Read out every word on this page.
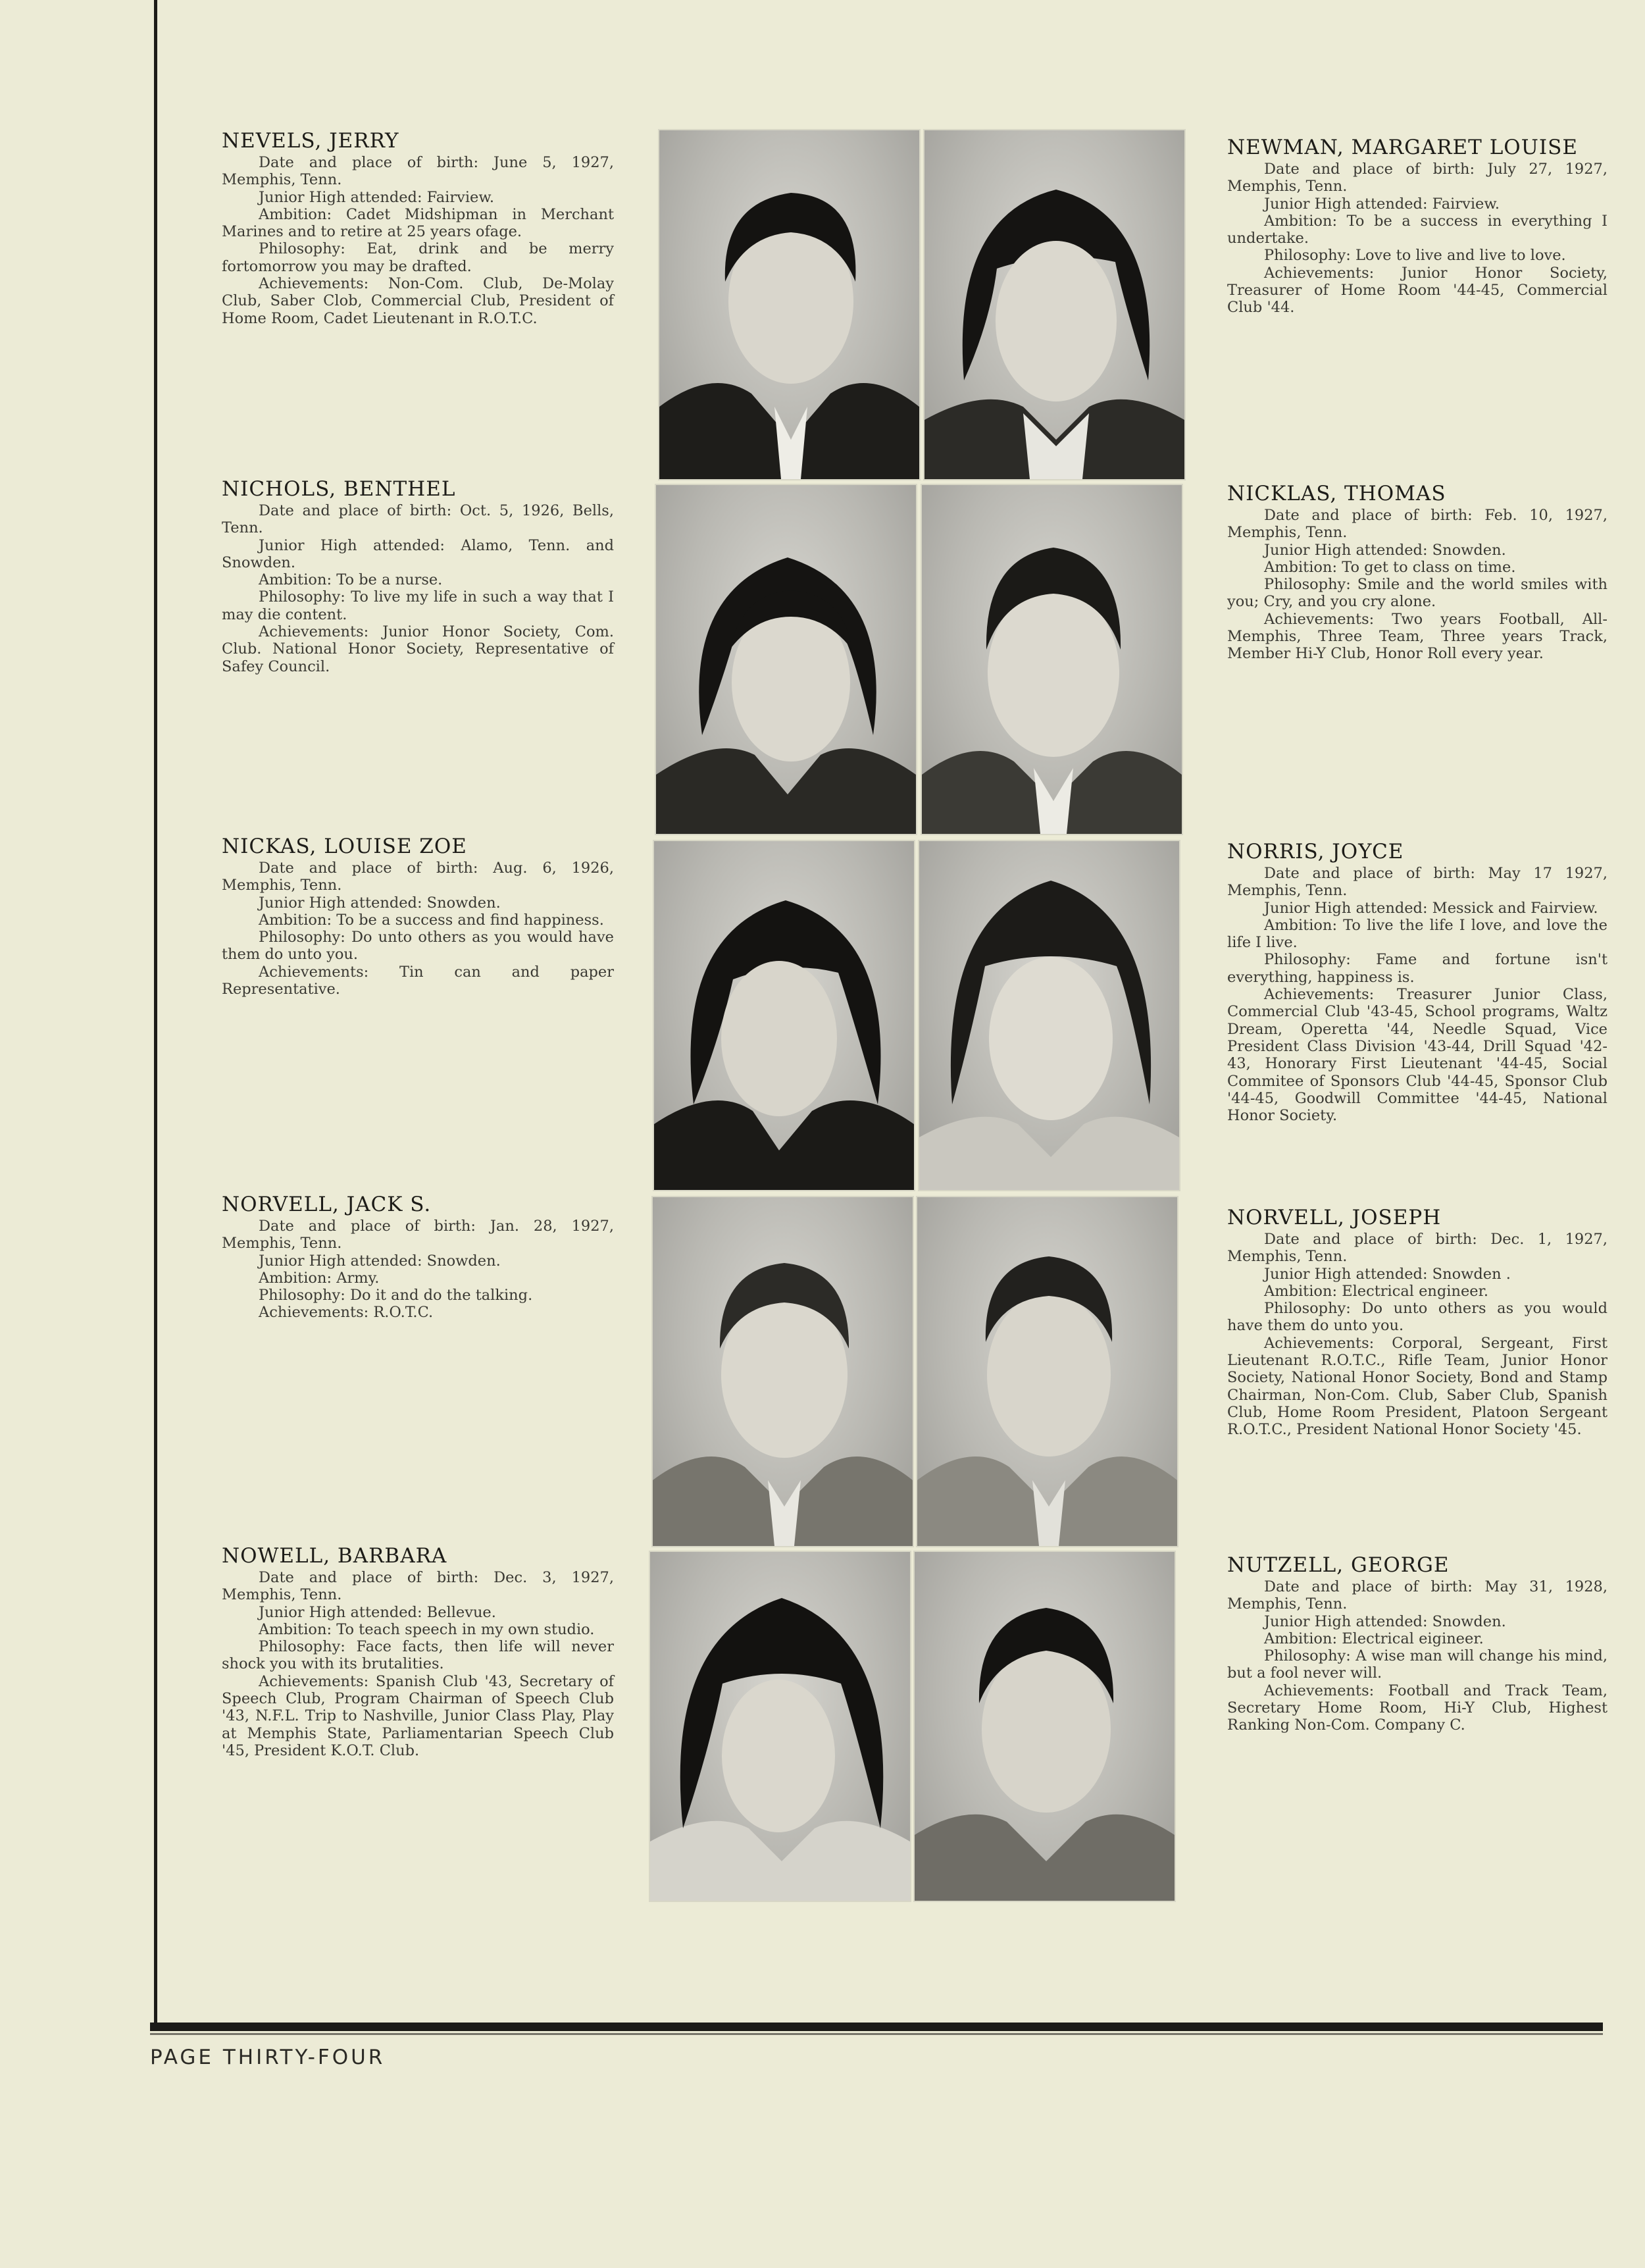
NEVELS, JERRY

Date and place of birth: June 5, 1927, Memphis, Tenn.

Junior High attended: Fairview.

Ambition: Cadet Midshipman in Merchant Marines and to retire at 25 years ofage.

Philosophy: Eat, drink and be merry fortomorrow you may be drafted.

Achievements: Non-Com. Club, De-Molay Club, Saber Clob, Commercial Club, President of Home Room, Cadet Lieutenant in R.O.T.C.

NICHOLS, BENTHEL

Date and place of birth: Oct. 5, 1926, Bells, Tenn.

Junior High attended: Alamo, Tenn. and Snowden.

Ambition: To be a nurse.

Philosophy: To live my life in such a way that I may die content.

Achievements: Junior Honor Society, Com. Club. National Honor Society, Representative of Safey Council.

NICKAS, LOUISE ZOE

Date and place of birth: Aug. 6, 1926, Memphis, Tenn.

Junior High attended: Snowden.

Ambition: To be a success and find happiness.

Philosophy: Do unto others as you would have them do unto you.

Achievements: Tin can and paper Representative.

NORVELL, JACK S.

Date and place of birth: Jan. 28, 1927, Memphis, Tenn.

Junior High attended: Snowden.

Ambition: Army.

Philosophy: Do it and do the talking.

Achievements: R.O.T.C.

NOWELL, BARBARA

Date and place of birth: Dec. 3, 1927, Memphis, Tenn.

Junior High attended: Bellevue.

Ambition: To teach speech in my own studio.

Philosophy: Face facts, then life will never shock you with its brutalities.

Achievements: Spanish Club '43, Secretary of Speech Club, Program Chairman of Speech Club '43, N.F.L. Trip to Nashville, Junior Class Play, Play at Memphis State, Parliamentarian Speech Club '45, President K.O.T. Club.

NEWMAN, MARGARET LOUISE

Date and place of birth: July 27, 1927, Memphis, Tenn.

Junior High attended: Fairview.

Ambition: To be a success in everything I undertake.

Philosophy: Love to live and live to love.

Achievements: Junior Honor Society, Treasurer of Home Room '44-45, Commercial Club '44.

NICKLAS, THOMAS

Date and place of birth: Feb. 10, 1927, Memphis, Tenn.

Junior High attended: Snowden.

Ambition: To get to class on time.

Philosophy: Smile and the world smiles with you; Cry, and you cry alone.

Achievements: Two years Football, All-Memphis, Three Team, Three years Track, Member Hi-Y Club, Honor Roll every year.

NORRIS, JOYCE

Date and place of birth: May 17 1927, Memphis, Tenn.

Junior High attended: Messick and Fairview.

Ambition: To live the life I love, and love the life I live.

Philosophy: Fame and fortune isn't everything, happiness is.

Achievements: Treasurer Junior Class, Commercial Club '43-45, School programs, Waltz Dream, Operetta '44, Needle Squad, Vice President Class Division '43-44, Drill Squad '42-43, Honorary First Lieutenant '44-45, Social Commitee of Sponsors Club '44-45, Sponsor Club '44-45, Goodwill Committee '44-45, National Honor Society.

NORVELL, JOSEPH

Date and place of birth: Dec. 1, 1927, Memphis, Tenn.

Junior High attended: Snowden .

Ambition: Electrical engineer.

Philosophy: Do unto others as you would have them do unto you.

Achievements: Corporal, Sergeant, First Lieutenant R.O.T.C., Rifle Team, Junior Honor Society, National Honor Society, Bond and Stamp Chairman, Non-Com. Club, Saber Club, Spanish Club, Home Room President, Platoon Sergeant R.O.T.C., President National Honor Society '45.

NUTZELL, GEORGE

Date and place of birth: May 31, 1928, Memphis, Tenn.

Junior High attended: Snowden.

Ambition: Electrical eigineer.

Philosophy: A wise man will change his mind, but a fool never will.

Achievements: Football and Track Team, Secretary Home Room, Hi-Y Club, Highest Ranking Non-Com. Company C.

PAGE THIRTY-FOUR
